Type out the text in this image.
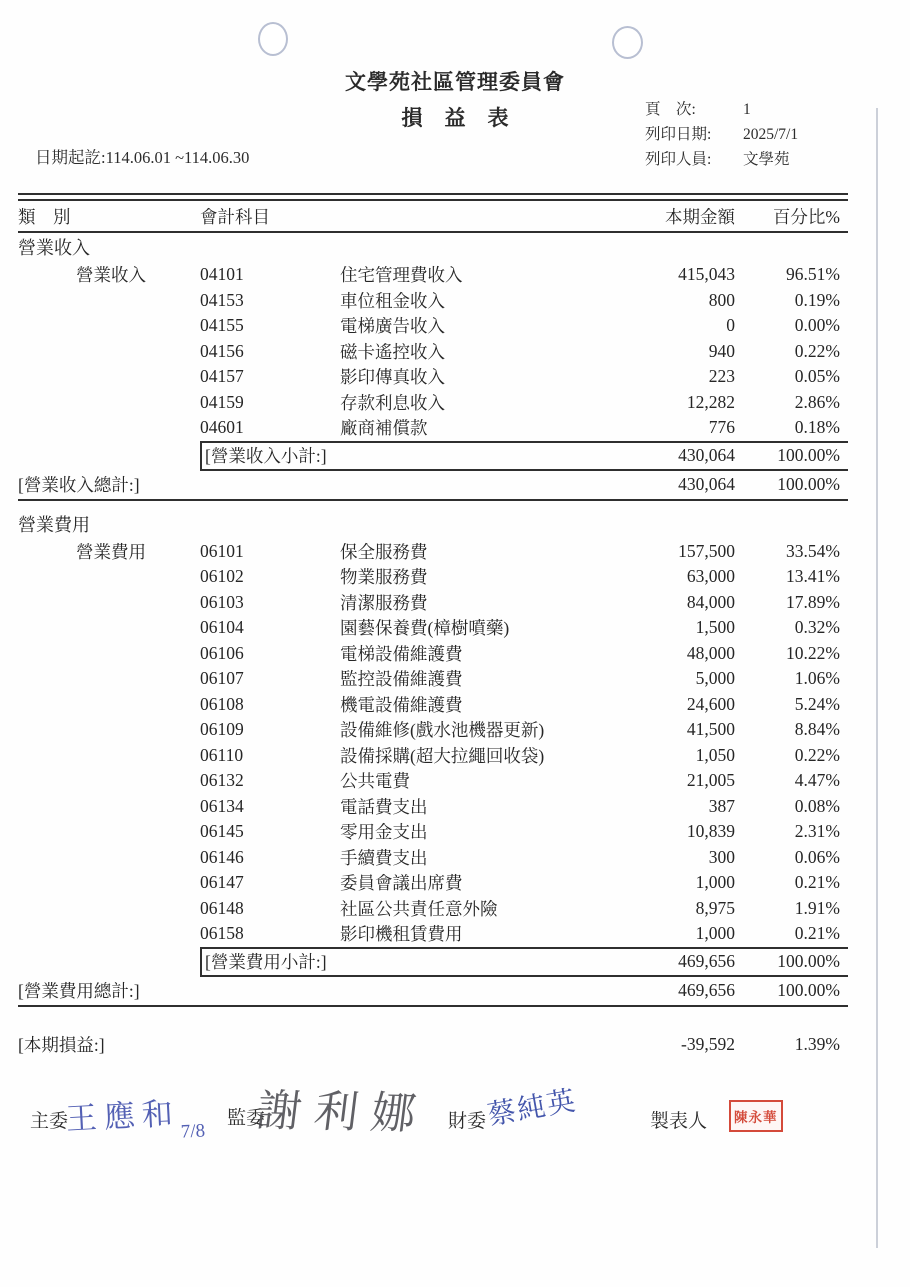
文學苑社區管理委員會
損益表	頁　次:	1
列印日期:	2025/7/1
列印人員:	文學苑
日期起訖:114.06.01 ~114.06.30
類　別	會計科目	本期金額	百分比%
營業收入
營業收入	04101	住宅管理費收入	415,043	96.51%
04153	車位租金收入	800	0.19%
04155	電梯廣告收入	0	0.00%
04156	磁卡遙控收入	940	0.22%
04157	影印傳真收入	223	0.05%
04159	存款利息收入	12,282	2.86%
04601	廠商補償款	776	0.18%
[營業收入小計:]	430,064	100.00%
[營業收入總計:]	430,064	100.00%
營業費用
營業費用	06101	保全服務費	157,500	33.54%
06102	物業服務費	63,000	13.41%
06103	清潔服務費	84,000	17.89%
06104	園藝保養費(樟樹噴藥)	1,500	0.32%
06106	電梯設備維護費	48,000	10.22%
06107	監控設備維護費	5,000	1.06%
06108	機電設備維護費	24,600	5.24%
06109	設備維修(戲水池機器更新)	41,500	8.84%
06110	設備採購(超大拉繩回收袋)	1,050	0.22%
06132	公共電費	21,005	4.47%
06134	電話費支出	387	0.08%
06145	零用金支出	10,839	2.31%
06146	手續費支出	300	0.06%
06147	委員會議出席費	1,000	0.21%
06148	社區公共責任意外險	8,975	1.91%
06158	影印機租賃費用	1,000	0.21%
[營業費用小計:]	469,656	100.00%
[營業費用總計:]	469,656	100.00%
[本期損益:]	-39,592	1.39%
主委
王應和$_{7/8}$
監委
謝利娜 財委 蔡純英	製表人	陳永華
